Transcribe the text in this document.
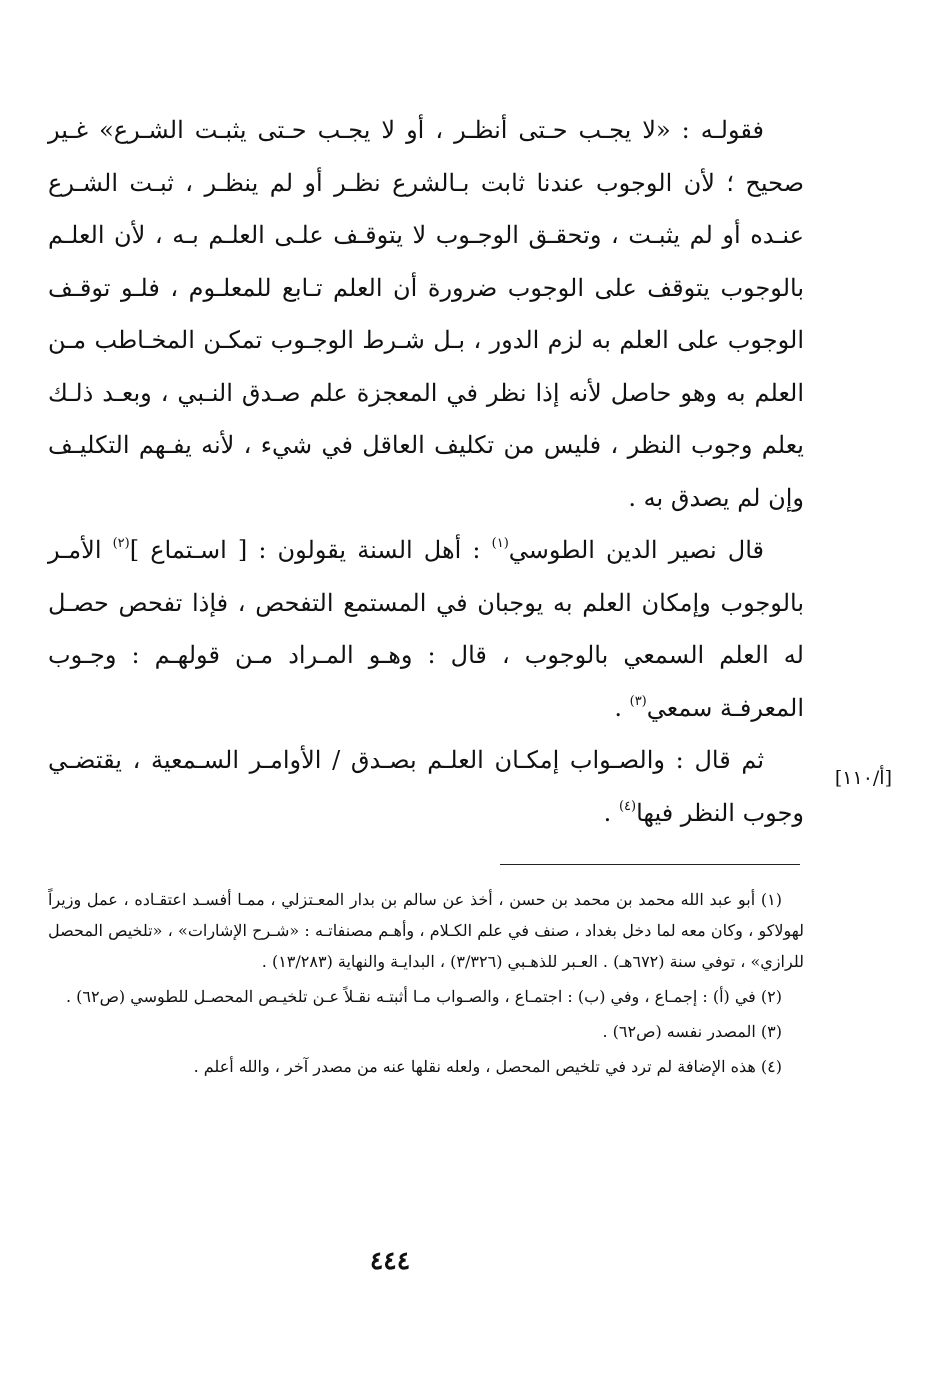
فقولـه : «لا يجـب حـتى أنظـر ، أو لا يجـب حـتى يثبـت الشـرع» غـير صحيح ؛ لأن الوجوب عندنا ثابت بـالشرع نظـر أو لم ينظـر ، ثبـت الشـرع عنـده أو لم يثبـت ، وتحقـق الوجـوب لا يتوقـف علـى العلـم بـه ، لأن العلـم بالوجوب يتوقف على الوجوب ضرورة أن العلم تـابع للمعلـوم ، فلـو توقـف الوجوب على العلم به لزم الدور ، بـل شـرط الوجـوب تمكـن المخـاطب مـن العلم به وهو حاصل لأنه إذا نظر في المعجزة علم صـدق النـبي ، وبعـد ذلـك يعلم وجوب النظر ، فليس من تكليف العاقل في شيء ، لأنه يفـهم التكليـف وإن لم يصدق به .

قال نصير الدين الطوسي$^{(١)}$ : أهل السنة يقولون : [ اسـتماع ]$^{(٢)}$ الأمـر بالوجوب وإمكان العلم به يوجبان في المستمع التفحص ، فإذا تفحص حصـل له العلم السمعي بالوجوب ، قال : وهـو المـراد مـن قولهـم : وجـوب المعرفـة سمعي$^{(٣)}$ .

ثم قال : والصـواب إمكـان العلـم بصـدق / الأوامـر السـمعية ، يقتضـي وجوب النظر فيها$^{(٤)}$ .

[أ/١١٠]

(١) أبو عبد الله محمد بن محمد بن حسن ، أخذ عن سالم بن بدار المعـتزلي ، ممـا أفسـد اعتقـاده ، عمل وزيراً لهولاكو ، وكان معه لما دخل بغداد ، صنف في علم الكـلام ، وأهـم مصنفاتـه : «شـرح الإشارات» ، «تلخيص المحصل للرازي» ، توفي سنة (٦٧٢هـ) . العـبر للذهـبي (٣/٣٢٦) ، البدايـة والنهاية (١٣/٢٨٣) .

(٢) في (أ) : إجمـاع ، وفي (ب) : اجتمـاع ، والصـواب مـا أثبتـه نقـلاً عـن تلخيـص المحصـل للطوسي (ص٦٢) .

(٣) المصدر نفسه (ص٦٢) .

(٤) هذه الإضافة لم ترد في تلخيص المحصل ، ولعله نقلها عنه من مصدر آخر ، والله أعلم .

٤٤٤
